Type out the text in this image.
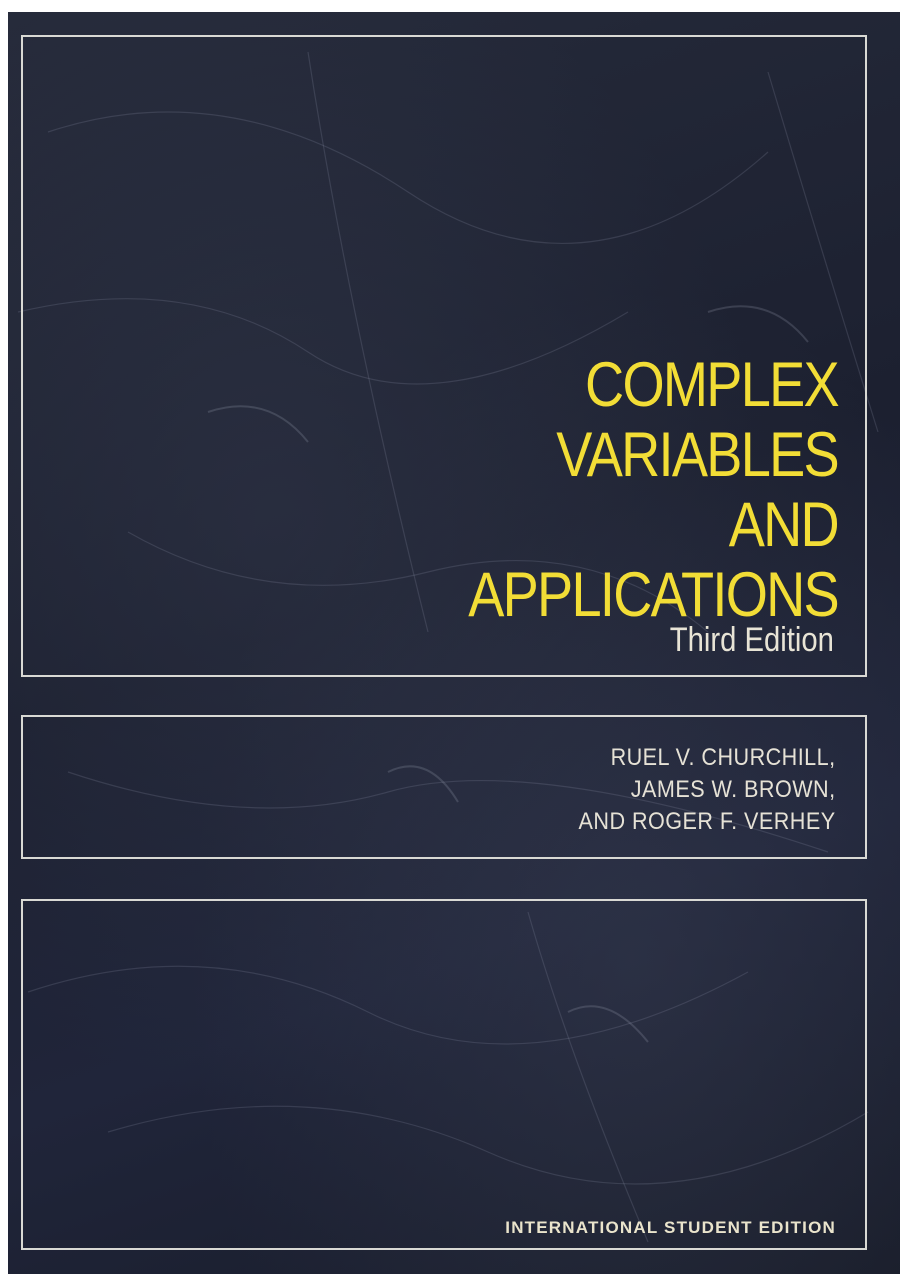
COMPLEX
VARIABLES
AND
APPLICATIONS
Third Edition
RUEL V. CHURCHILL,
JAMES W. BROWN,
AND ROGER F. VERHEY
INTERNATIONAL STUDENT EDITION
